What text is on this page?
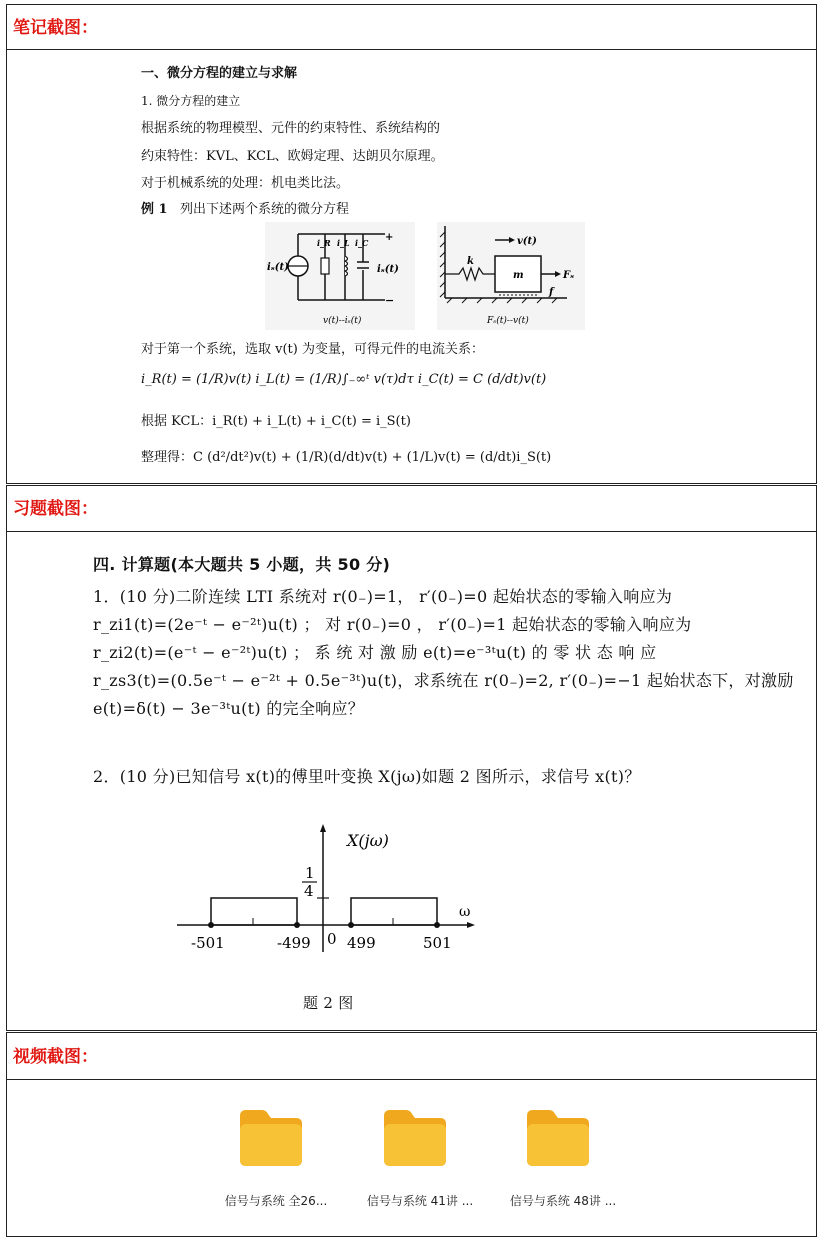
笔记截图：
一、微分方程的建立与求解
1. 微分方程的建立
根据系统的物理模型、元件的约束特性、系统结构的
约束特性：KVL、KCL、欧姆定理、达朗贝尔原理。
对于机械系统的处理：机电类比法。
例 1 列出下述两个系统的微分方程
iₛ(t)
i_R i_L i_C
iₛ(t)
+
−
v(t)--iₛ(t)
v(t)
k
m	Fₛ
f
Fₛ(t)--v(t)
对于第一个系统，选取 v(t) 为变量，可得元件的电流关系：
i_R(t) = (1/R)v(t) i_L(t) = (1/R)∫₋∞ᵗ v(τ)dτ i_C(t) = C (d/dt)v(t)
根据 KCL：i_R(t) + i_L(t) + i_C(t) = i_S(t)
整理得：C (d²/dt²)v(t) + (1/R)(d/dt)v(t) + (1/L)v(t) = (d/dt)i_S(t)
习题截图：
四. 计算题(本大题共 5 小题，共 50 分)
1．(10 分)二阶连续 LTI 系统对 r(0₋)=1， r′(0₋)=0 起始状态的零输入响应为
r_zi1(t)=(2e⁻ᵗ − e⁻²ᵗ)u(t) ； 对 r(0₋)=0 ， r′(0₋)=1 起始状态的零输入响应为
r_zi2(t)=(e⁻ᵗ − e⁻²ᵗ)u(t) ； 系 统 对 激 励 e(t)=e⁻³ᵗu(t) 的 零 状 态 响 应
r_zs3(t)=(0.5e⁻ᵗ − e⁻²ᵗ + 0.5e⁻³ᵗ)u(t)，求系统在 r(0₋)=2, r′(0₋)=−1 起始状态下，对激励
e(t)=δ(t) − 3e⁻³ᵗu(t) 的完全响应？
2．(10 分)已知信号 x(t)的傅里叶变换 X(jω)如题 2 图所示，求信号 x(t)？
X(jω)
1
4
ω
-501	-499 0 499	501
题 2 图
视频截图：
信号与系统 全26...	信号与系统 41讲 ...	信号与系统 48讲 ...
